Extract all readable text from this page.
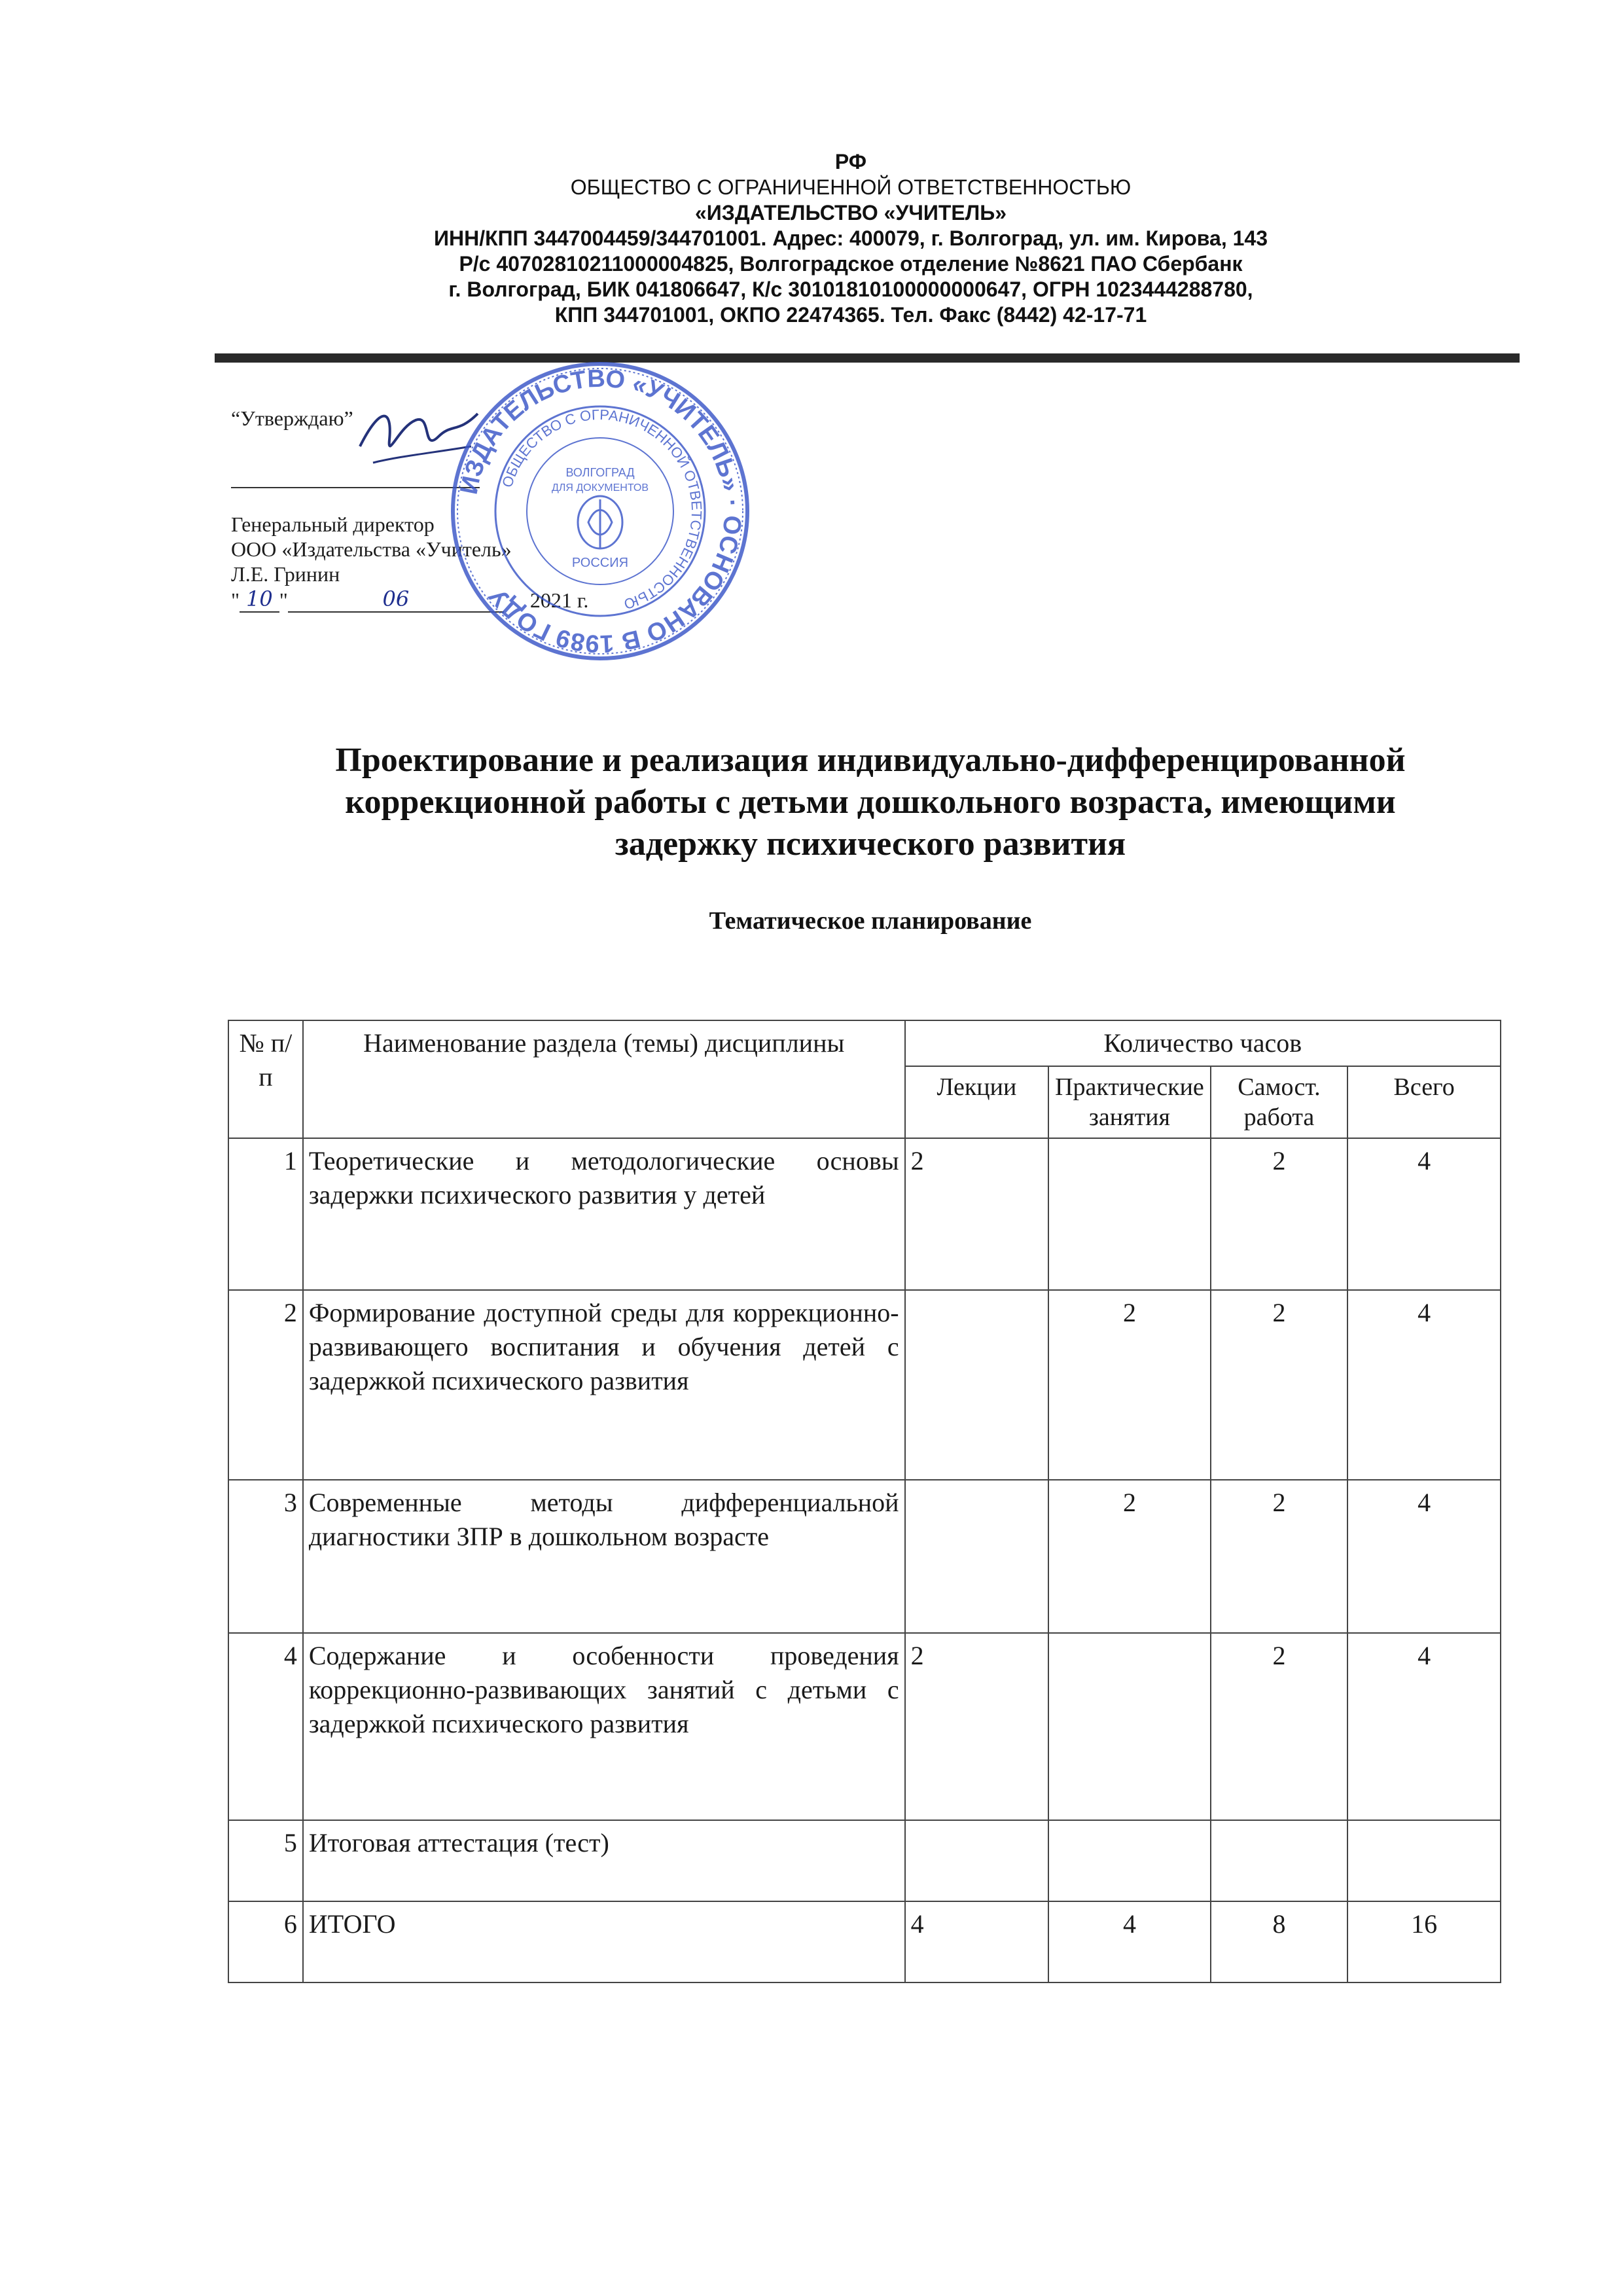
РФ
ОБЩЕСТВО С ОГРАНИЧЕННОЙ ОТВЕТСТВЕННОСТЬЮ
«ИЗДАТЕЛЬСТВО «УЧИТЕЛЬ»
ИНН/КПП 3447004459/344701001. Адрес: 400079, г. Волгоград, ул. им. Кирова, 143
Р/с 40702810211000004825, Волгоградское отделение №8621 ПАО Сбербанк
г. Волгоград, БИК 041806647, К/с 30101810100000000647, ОГРН 1023444288780,
КПП 344701001, ОКПО 22474365. Тел. Факс (8442) 42-17-71
“Утверждаю”
Генеральный директор
ООО «Издательства «Учитель»
Л.Е. Гринин
" 10 "	06	2021 г.
ИЗДАТЕЛЬСТВО «УЧИТЕЛЬ» · ОСНОВАНО В 1989 ГОДУ
ОБЩЕСТВО С ОГРАНИЧЕННОЙ ОТВЕТСТВЕННОСТЬЮ
ВОЛГОГРАД
ДЛЯ ДОКУМЕНТОВ
РОССИЯ
Проектирование и реализация индивидуально-дифференцированной
коррекционной работы с детьми дошкольного возраста, имеющими
задержку психического развития
Тематическое планирование
№ п/п	Наименование раздела (темы) дисциплины	Количество часов			
		Лекции	Практические занятия	Самост. работа	Всего
1	Теоретические и методологические основы задержки психического развития у детей	2		2	4
2	Формирование доступной среды для коррекционно-развивающего воспитания и обучения детей с задержкой психического развития		2	2	4
3	Современные методы дифференциальной диагностики ЗПР в дошкольном возрасте		2	2	4
4	Содержание и особенности проведения коррекционно-развивающих занятий с детьми с задержкой психического развития	2		2	4
5	Итоговая аттестация (тест)				
6	ИТОГО	4	4	8	16
